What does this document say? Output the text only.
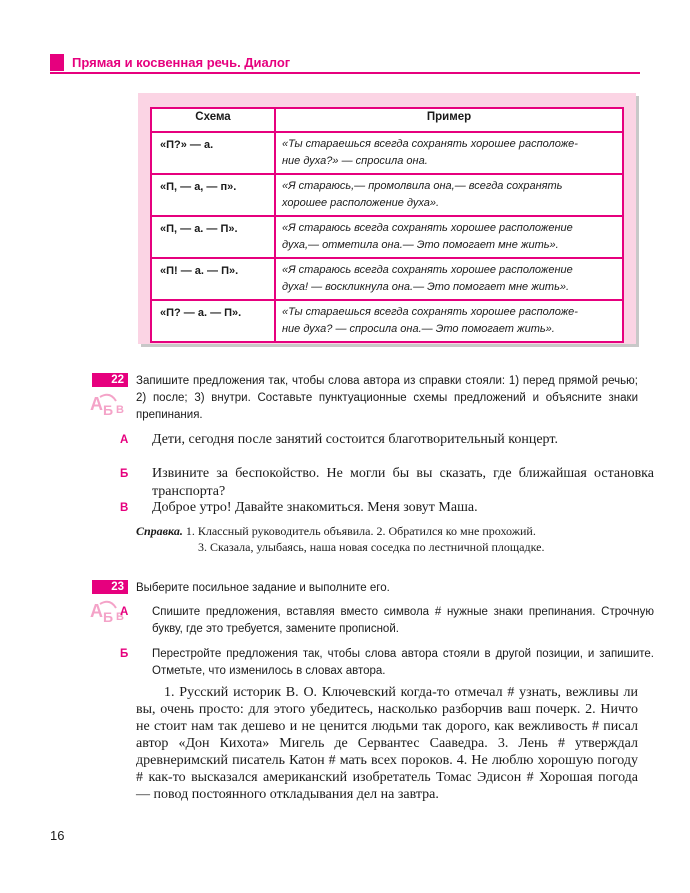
Прямая и косвенная речь. Диалог
Схема	Пример
«П?» — а.	«Ты стараешься всегда сохранять хорошее расположе-
ние духа?» — спросила она.
«П, — а, — п».	«Я стараюсь,— промолвила она,— всегда сохранять
хорошее расположение духа».
«П, — а. — П».	«Я стараюсь всегда сохранять хорошее расположение
духа,— отметила она.— Это помогает мне жить».
«П! — а. — П».	«Я стараюсь всегда сохранять хорошее расположение
духа! — воскликнула она.— Это помогает мне жить».
«П? — а. — П».	«Ты стараешься всегда сохранять хорошее расположе-
ние духа? — спросила она.— Это помогает жить».
22
А Б В
Запишите предложения так, чтобы слова автора из справки стояли: 1) перед прямой речью; 2) после; 3) внутри. Составьте пунктуационные схемы предложений и объясните знаки препинания.
А Дети, сегодня после занятий состоится благотворительный концерт.
Б Извините за беспокойство. Не могли бы вы сказать, где ближайшая остановка транспорта?
В Доброе утро! Давайте знакомиться. Меня зовут Маша.
Справка. 1. Классный руководитель объявила. 2. Обратился ко мне прохожий.
3. Сказала, улыбаясь, наша новая соседка по лестничной площадке.
23
А Б В
Выберите посильное задание и выполните его.
А Спишите предложения, вставляя вместо символа # нужные знаки препинания. Строчную букву, где это требуется, замените прописной.
Б Перестройте предложения так, чтобы слова автора стояли в другой позиции, и запишите. Отметьте, что изменилось в словах автора.
1. Русский историк В. О. Ключевский когда-то отмечал # узнать, вежливы ли вы, очень просто: для этого убедитесь, насколько разборчив ваш почерк. 2. Ничто не стоит нам так дешево и не ценится людьми так дорого, как вежливость # писал автор «Дон Кихота» Мигель де Сервантес Сааведра. 3. Лень # утверждал древнеримский писатель Катон # мать всех пороков. 4. Не люблю хорошую погоду # как-то высказался американский изобретатель Томас Эдисон # Хорошая погода — повод постоянного откладывания дел на завтра.
16
